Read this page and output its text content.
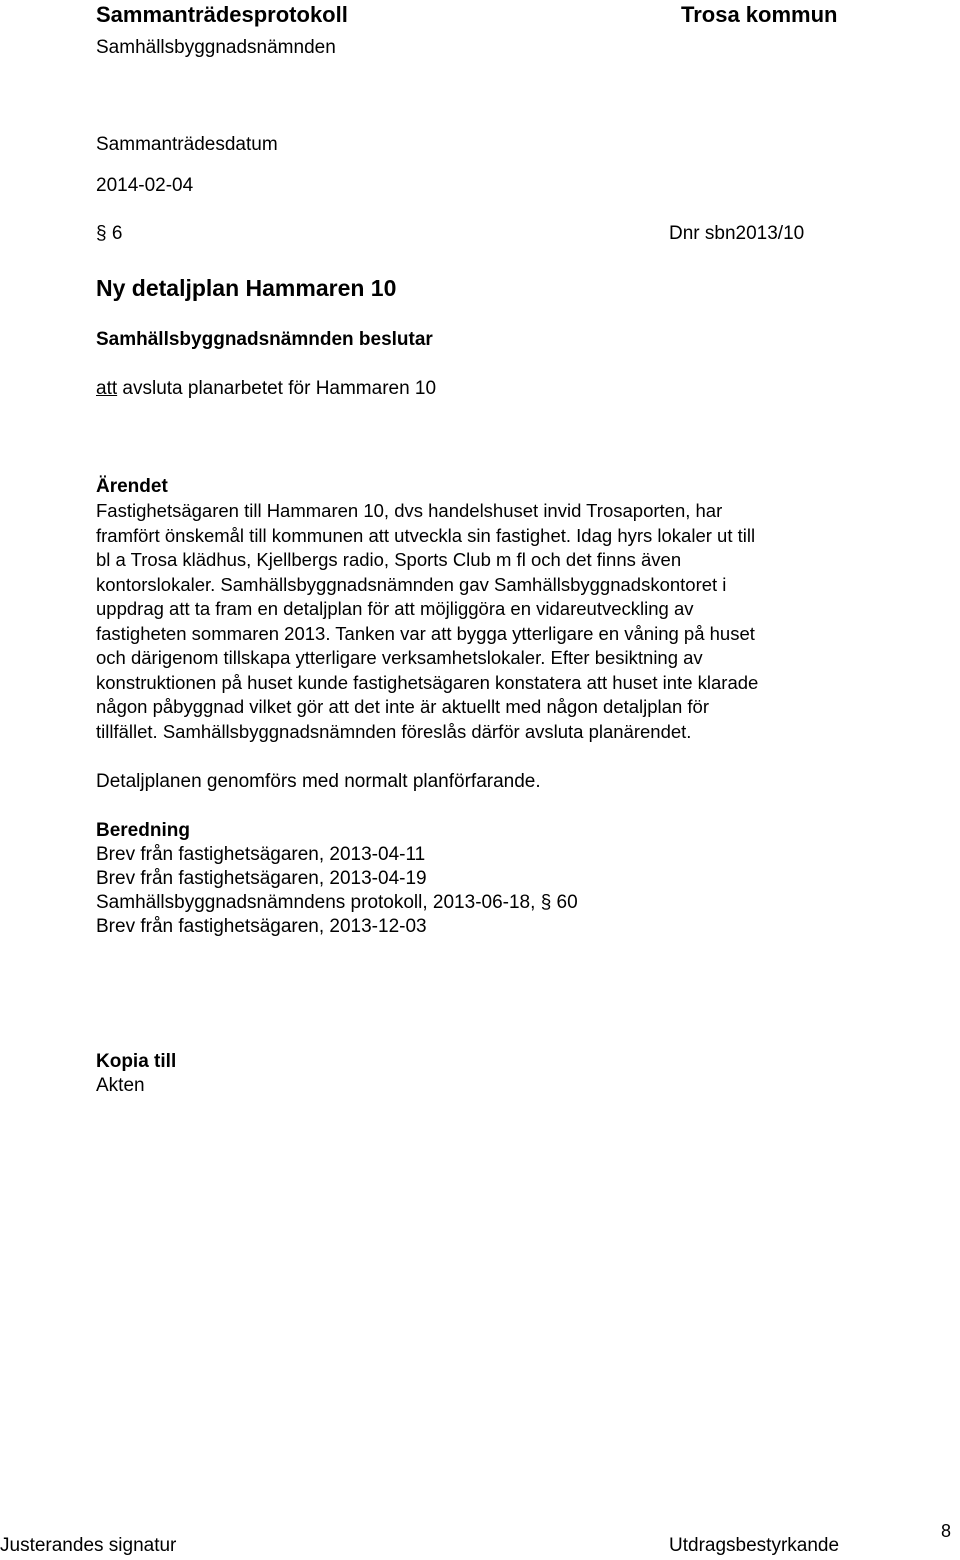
Sammanträdesprotokoll	Trosa kommun
Samhällsbyggnadsnämnden
Sammanträdesdatum
2014-02-04
§ 6	Dnr sbn2013/10
Ny detaljplan Hammaren 10
Samhällsbyggnadsnämnden beslutar
att avsluta planarbetet för Hammaren 10
Ärendet
Fastighetsägaren till Hammaren 10, dvs handelshuset invid Trosaporten, har
framfört önskemål till kommunen att utveckla sin fastighet. Idag hyrs lokaler ut till
bl a Trosa klädhus, Kjellbergs radio, Sports Club m fl och det finns även
kontorslokaler. Samhällsbyggnadsnämnden gav Samhällsbyggnadskontoret i
uppdrag att ta fram en detaljplan för att möjliggöra en vidareutveckling av
fastigheten sommaren 2013. Tanken var att bygga ytterligare en våning på huset
och därigenom tillskapa ytterligare verksamhetslokaler. Efter besiktning av
konstruktionen på huset kunde fastighetsägaren konstatera att huset inte klarade
någon påbyggnad vilket gör att det inte är aktuellt med någon detaljplan för
tillfället. Samhällsbyggnadsnämnden föreslås därför avsluta planärendet.
Detaljplanen genomförs med normalt planförfarande.
Beredning
Brev från fastighetsägaren, 2013-04-11
Brev från fastighetsägaren, 2013-04-19
Samhällsbyggnadsnämndens protokoll, 2013-06-18, § 60
Brev från fastighetsägaren, 2013-12-03
Kopia till
Akten
Justerandes signatur	Utdragsbestyrkande
8
